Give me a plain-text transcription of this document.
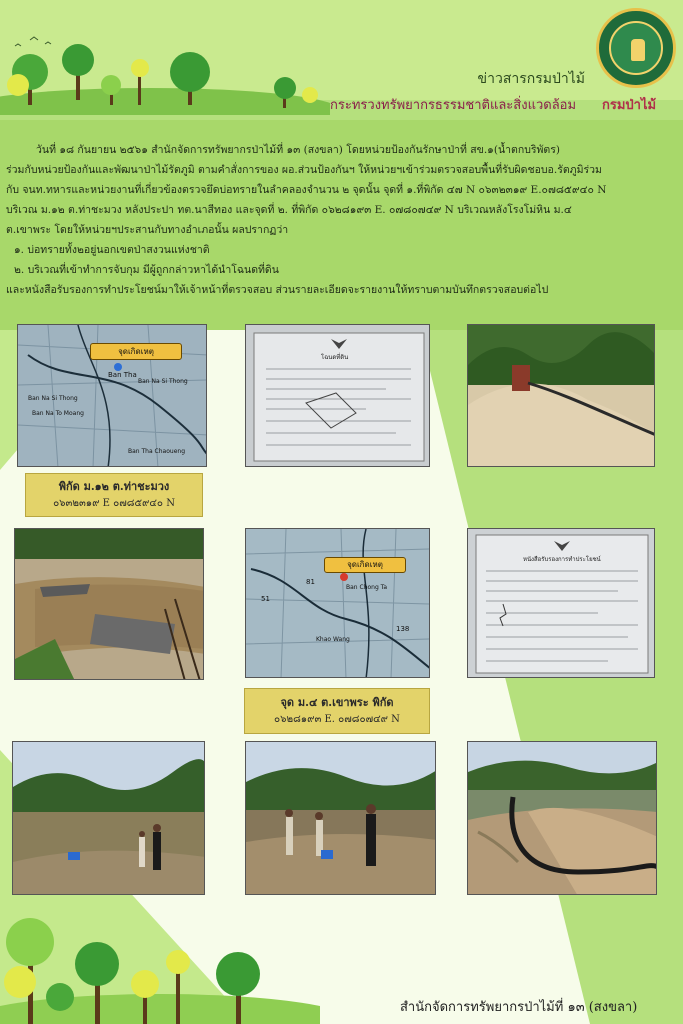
ข่าวสารกรมป่าไม้
กระทรวงทรัพยากรธรรมชาติและสิ่งแวดล้อม กรมป่าไม้

วันที่ ๑๘ กันยายน ๒๕๖๑ สำนักจัดการทรัพยากรป่าไม้ที่ ๑๓ (สงขลา) โดยหน่วยป้องกันรักษาป่าที่ สข.๑(น้ำตกบริพัตร)

ร่วมกับหน่วยป้องกันและพัฒนาป่าไม้รัตภูมิ ตามคำสั่งการของ ผอ.ส่วนป้องกันฯ ให้หน่วยฯเข้าร่วมตรวจสอบพื้นที่รับผิดชอบอ.รัตภูมิร่วม

กับ จนท.ทหารและหน่วยงานที่เกี่ยวข้องตรวจยึดบ่อทรายในลำคลองจำนวน ๒ จุดนั้น จุดที่ ๑.ที่พิกัด ๔๗ N ๐๖๓๒๓๑๙ E.๐๗๘๕๙๔๐ N

บริเวณ ม.๑๒ ต.ท่าชะมวง หลังประปา ทต.นาสีทอง และจุดที่ ๒. ที่พิกัด ๐๖๒๘๑๙๓ E. ๐๗๘๐๗๔๙ N บริเวณหลังโรงโม่หิน ม.๔

ต.เขาพระ โดยให้หน่วยฯประสานกับทางอำเภอนั้น ผลปรากฏว่า

๑. บ่อทรายทั้ง๒อยู่นอกเขตป่าสงวนแห่งชาติ

๒. บริเวณที่เข้าทำการจับกุม มีผู้ถูกกล่าวหาได้นำโฉนดที่ดิน

และหนังสือรับรองการทำประโยชน์มาให้เจ้าหน้าที่ตรวจสอบ ส่วนรายละเอียดจะรายงานให้ทราบตามบันทึกตรวจสอบต่อไป

Ban Tha
Ban Na Si Thong
Ban Na Si Thong
Ban Na To Moang
Ban Tha Chaoueng
จุดเกิดเหตุ
โฉนดที่ดิน
พิกัด ม.๑๒ ต.ท่าชะมวง
๐๖๓๒๓๑๙ E ๐๗๘๕๙๔๐ N
Ban Chong Ta
Khao Wang
81
51
138
จุดเกิดเหตุ
หนังสือรับรองการทำประโยชน์
จุด ม.๔ ต.เขาพระ พิกัด
๐๖๒๘๑๙๓ E. ๐๗๘๐๗๔๙ N
สำนักจัดการทรัพยากรป่าไม้ที่ ๑๓ (สงขลา)
